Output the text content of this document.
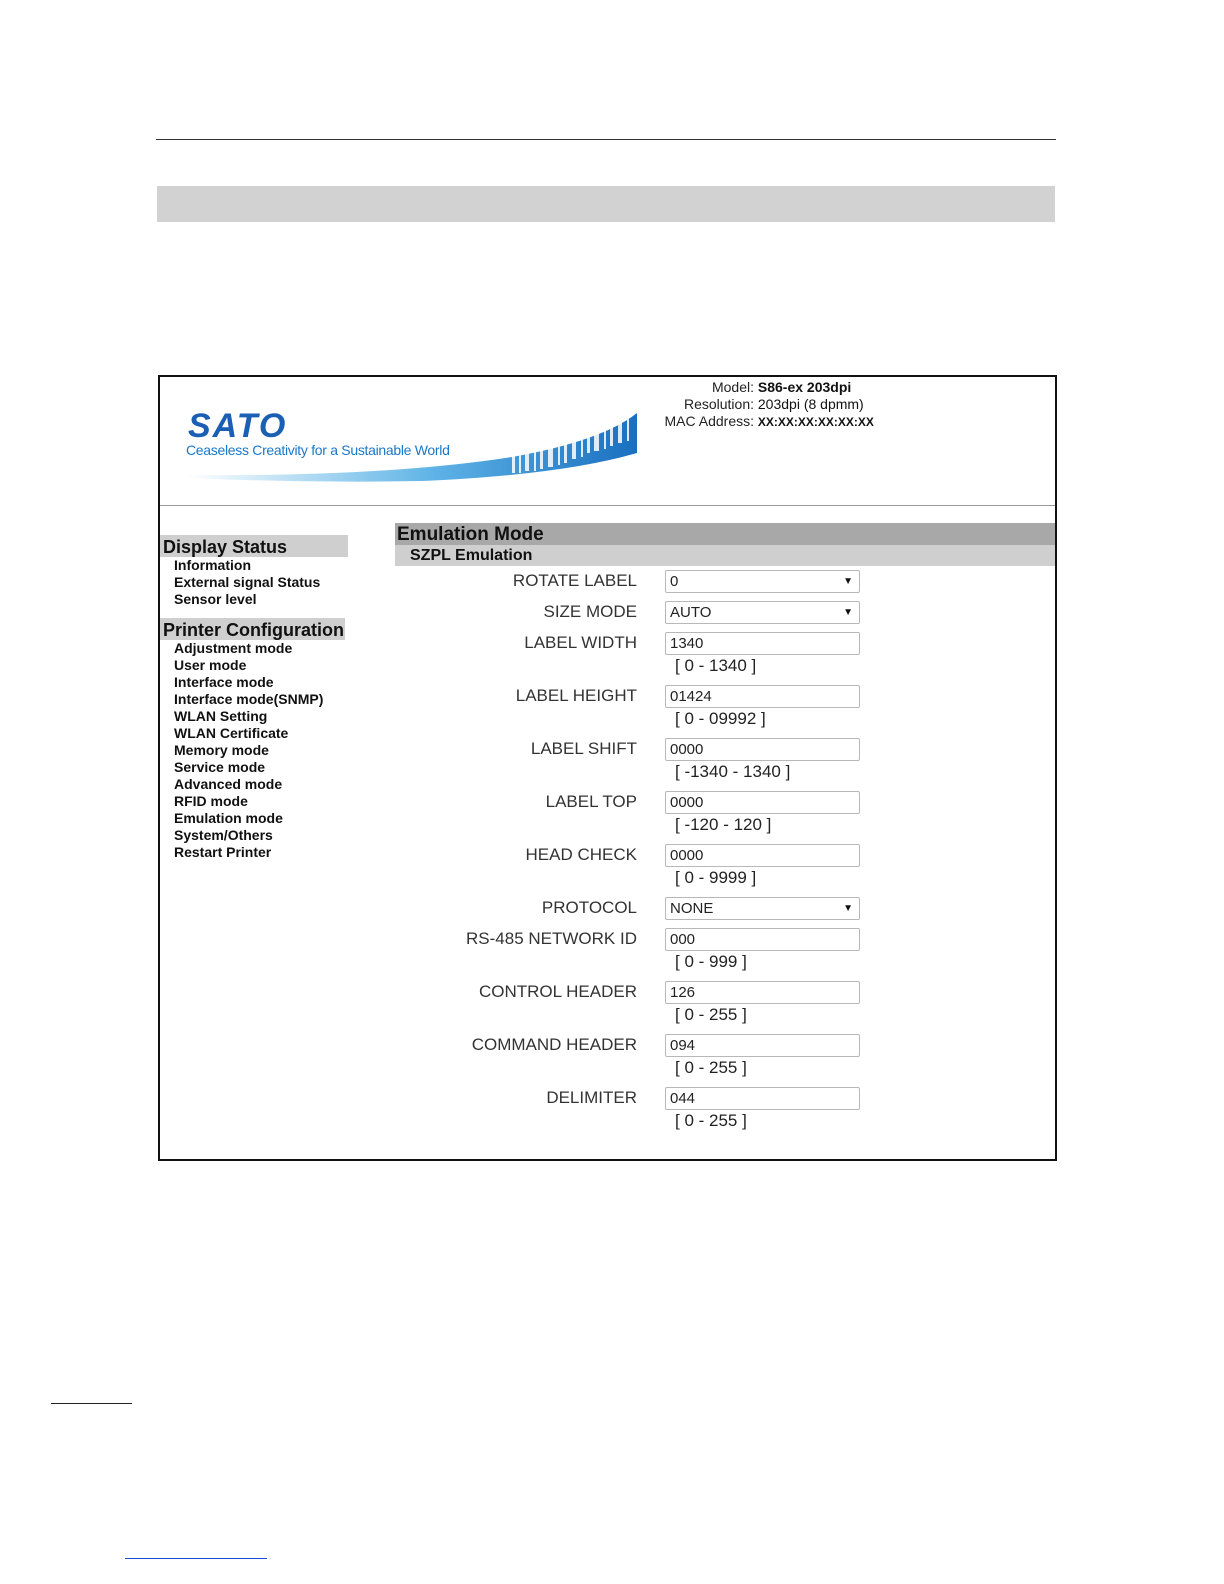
SATO
Ceaseless Creativity for a Sustainable World
Model: S86-ex 203dpi
Resolution: 203dpi (8 dpmm)
MAC Address: XX:XX:XX:XX:XX:XX
Display Status
Information
External signal Status
Sensor level
Printer Configuration
Adjustment mode
User mode
Interface mode
Interface mode(SNMP)
WLAN Setting
WLAN Certificate
Memory mode
Service mode
Advanced mode
RFID mode
Emulation mode
System/Others
Restart Printer
Emulation Mode
SZPL Emulation
ROTATE LABEL	0	▼
SIZE MODE	AUTO	▼
LABEL WIDTH	1340
[ 0 - 1340 ]
LABEL HEIGHT	01424
[ 0 - 09992 ]
LABEL SHIFT	0000
[ -1340 - 1340 ]
LABEL TOP	0000
[ -120 - 120 ]
HEAD CHECK	0000
[ 0 - 9999 ]
PROTOCOL	NONE	▼
RS-485 NETWORK ID	000
[ 0 - 999 ]
CONTROL HEADER	126
[ 0 - 255 ]
COMMAND HEADER	094
[ 0 - 255 ]
DELIMITER	044
[ 0 - 255 ]
